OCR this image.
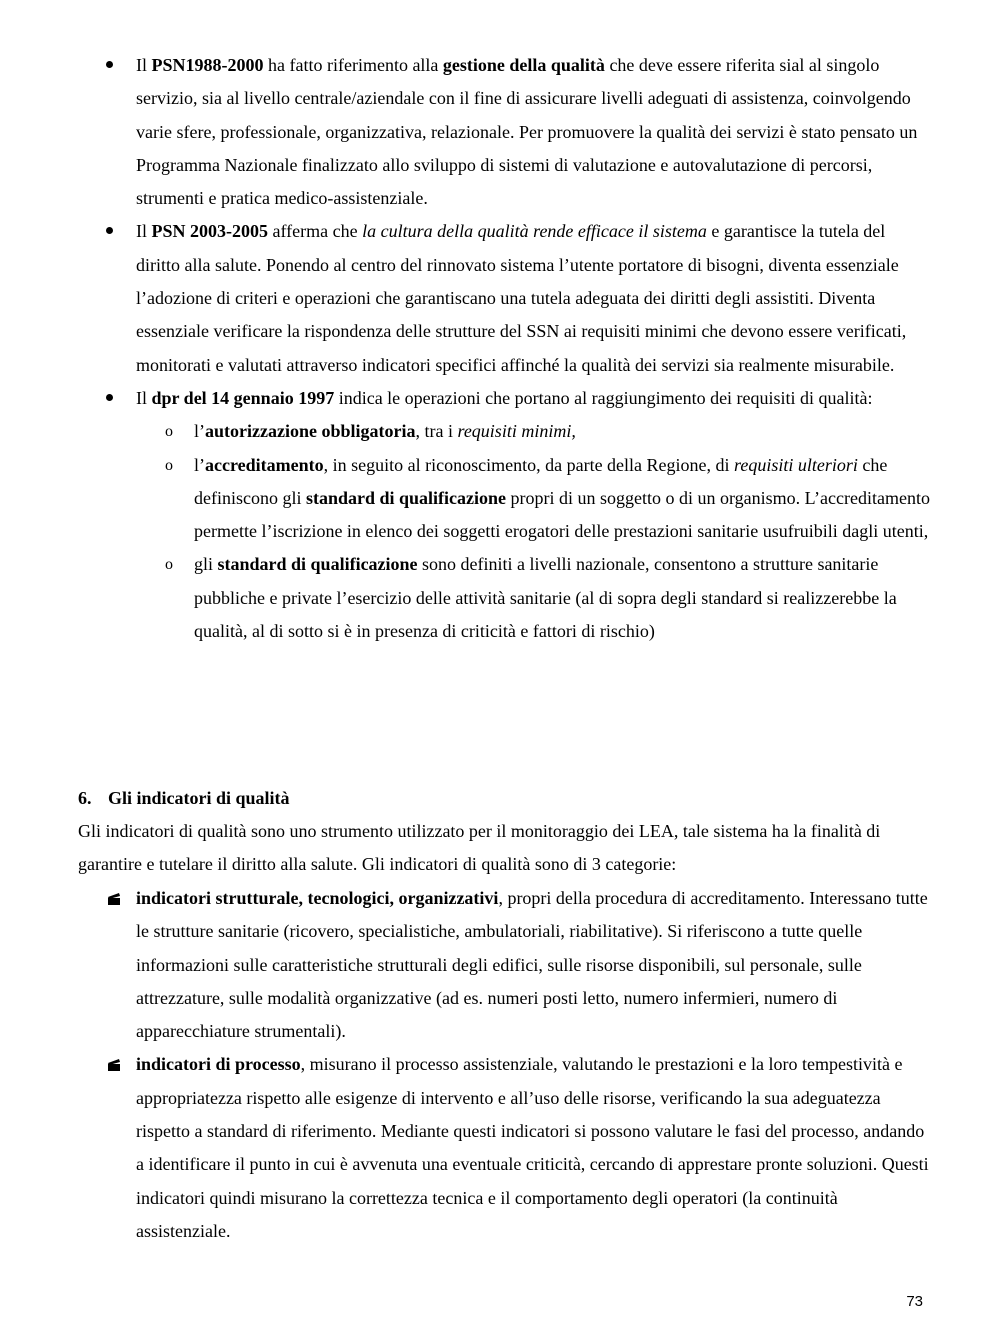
Il PSN1988-2000 ha fatto riferimento alla gestione della qualità che deve essere riferita sial al singolo servizio, sia al livello centrale/aziendale con il fine di assicurare livelli adeguati di assistenza, coinvolgendo varie sfere, professionale, organizzativa, relazionale. Per promuovere la qualità dei servizi è stato pensato un Programma Nazionale finalizzato allo sviluppo di sistemi di valutazione e autovalutazione di percorsi, strumenti e pratica medico-assistenziale.
Il PSN 2003-2005 afferma che la cultura della qualità rende efficace il sistema e garantisce la tutela del diritto alla salute. Ponendo al centro del rinnovato sistema l’utente portatore di bisogni, diventa essenziale l’adozione di criteri e operazioni che garantiscano una tutela adeguata dei diritti degli assistiti. Diventa essenziale verificare la rispondenza delle strutture del SSN ai requisiti minimi che devono essere verificati, monitorati e valutati attraverso indicatori specifici affinché la qualità dei servizi sia realmente misurabile.
Il dpr del 14 gennaio 1997 indica le operazioni che portano al raggiungimento dei requisiti di qualità:
o l’autorizzazione obbligatoria, tra i requisiti minimi,
o l’accreditamento, in seguito al riconoscimento, da parte della Regione, di requisiti ulteriori che definiscono gli standard di qualificazione propri di un soggetto o di un organismo. L’accreditamento permette l’iscrizione in elenco dei soggetti erogatori delle prestazioni sanitarie usufruibili dagli utenti,
o gli standard di qualificazione sono definiti a livelli nazionale, consentono a strutture sanitarie pubbliche e private l’esercizio delle attività sanitarie (al di sopra degli standard si realizzerebbe la qualità, al di sotto si è in presenza di criticità e fattori di rischio)
6. Gli indicatori di qualità
Gli indicatori di qualità sono uno strumento utilizzato per il monitoraggio dei LEA, tale sistema ha la finalità di garantire e tutelare il diritto alla salute. Gli indicatori di qualità sono di 3 categorie:
indicatori strutturale, tecnologici, organizzativi, propri della procedura di accreditamento. Interessano tutte le strutture sanitarie (ricovero, specialistiche, ambulatoriali, riabilitative). Si riferiscono a tutte quelle informazioni sulle caratteristiche strutturali degli edifici, sulle risorse disponibili, sul personale, sulle attrezzature, sulle modalità organizzative (ad es. numeri posti letto, numero infermieri, numero di apparecchiature strumentali).
indicatori di processo, misurano il processo assistenziale, valutando le prestazioni e la loro tempestività e appropriatezza rispetto alle esigenze di intervento e all’uso delle risorse, verificando la sua adeguatezza rispetto a standard di riferimento. Mediante questi indicatori si possono valutare le fasi del processo, andando a identificare il punto in cui è avvenuta una eventuale criticità, cercando di apprestare pronte soluzioni. Questi indicatori quindi misurano la correttezza tecnica e il comportamento degli operatori (la continuità assistenziale.
73
